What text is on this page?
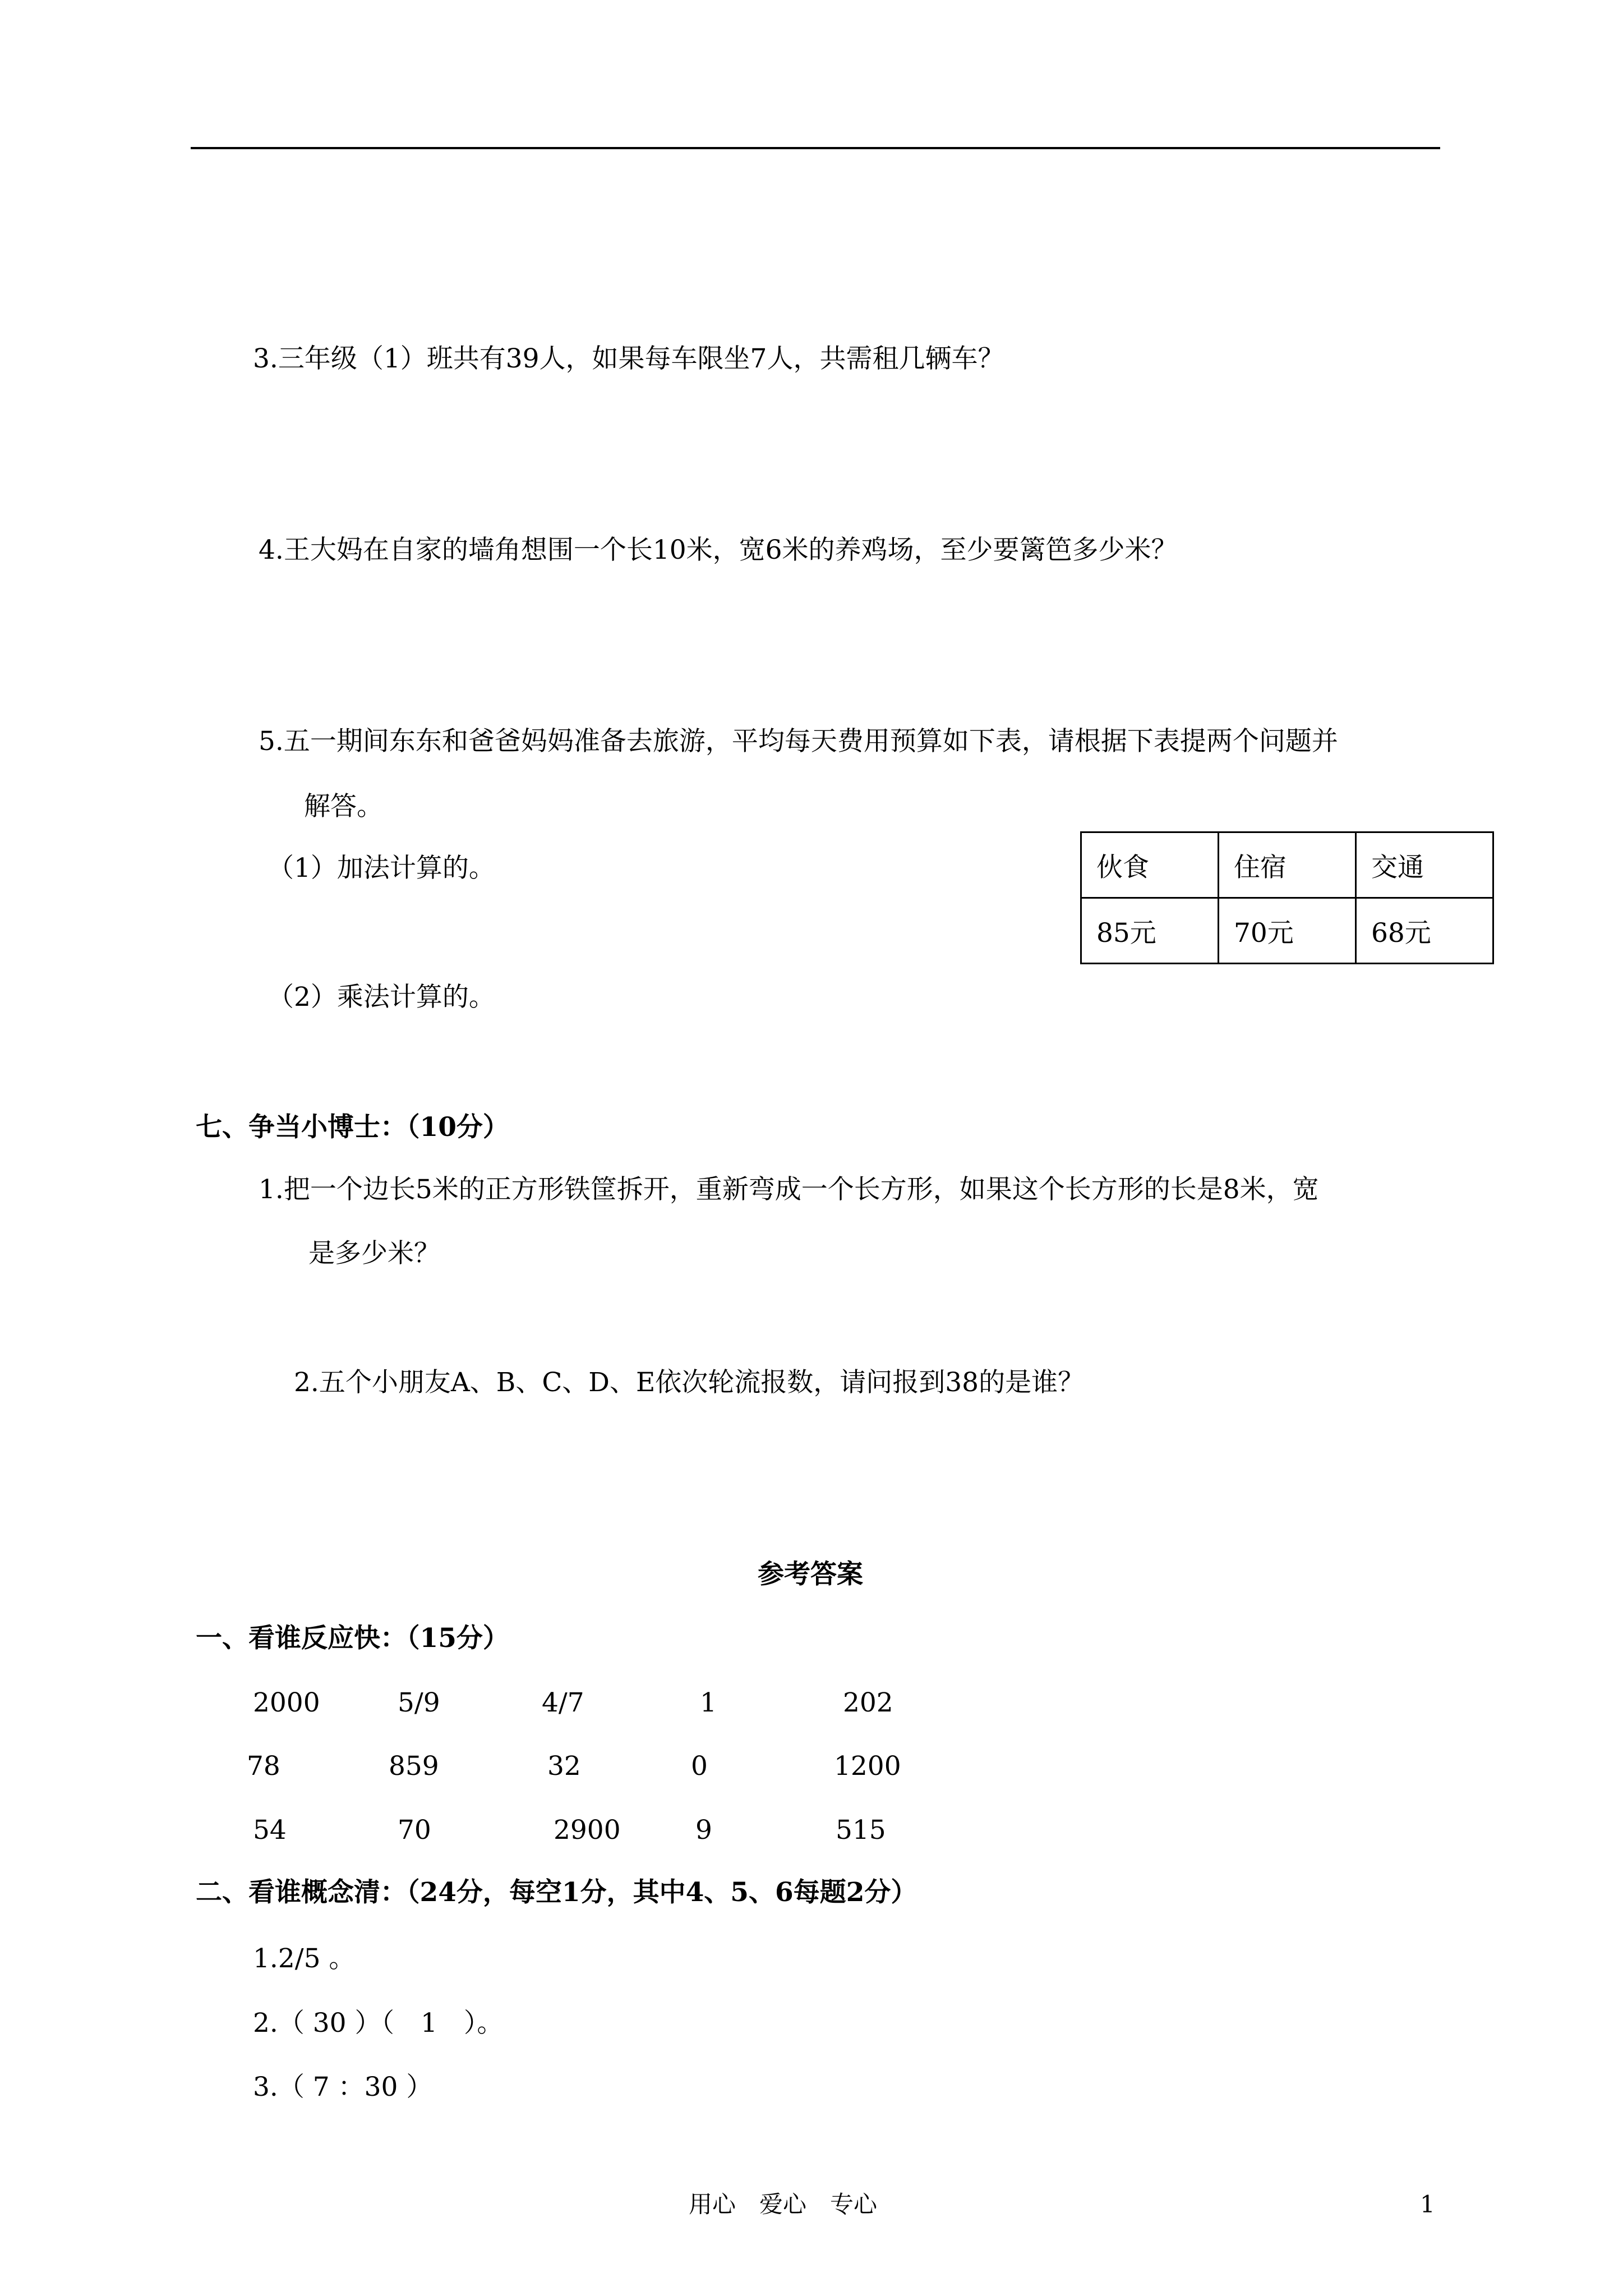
3.三年级（1）班共有39人，如果每车限坐7人，共需租几辆车？
4.王大妈在自家的墙角想围一个长10米，宽6米的养鸡场，至少要篱笆多少米？
5.五一期间东东和爸爸妈妈准备去旅游，平均每天费用预算如下表，请根据下表提两个问题并
解答。
（1）加法计算的。
（2）乘法计算的。
伙食	住宿	交通
85元	70元	68元
七、争当小博士：（10分）
1.把一个边长5米的正方形铁筐拆开，重新弯成一个长方形，如果这个长方形的长是8米，宽
是多少米？
2.五个小朋友A、B、C、D、E依次轮流报数，请问报到38的是谁？
参考答案
一、看谁反应快：（15分）
2000	5/9	4/7	1	202
78	859	32	0	1200
54	70	2900	9	515
二、看谁概念清：（24分，每空1分，其中4、5、6每题2分）
1.2/5 。
2.（ 30 ）（　1　）。
3.（ 7 ：30 ）
用心　爱心　专心	1
